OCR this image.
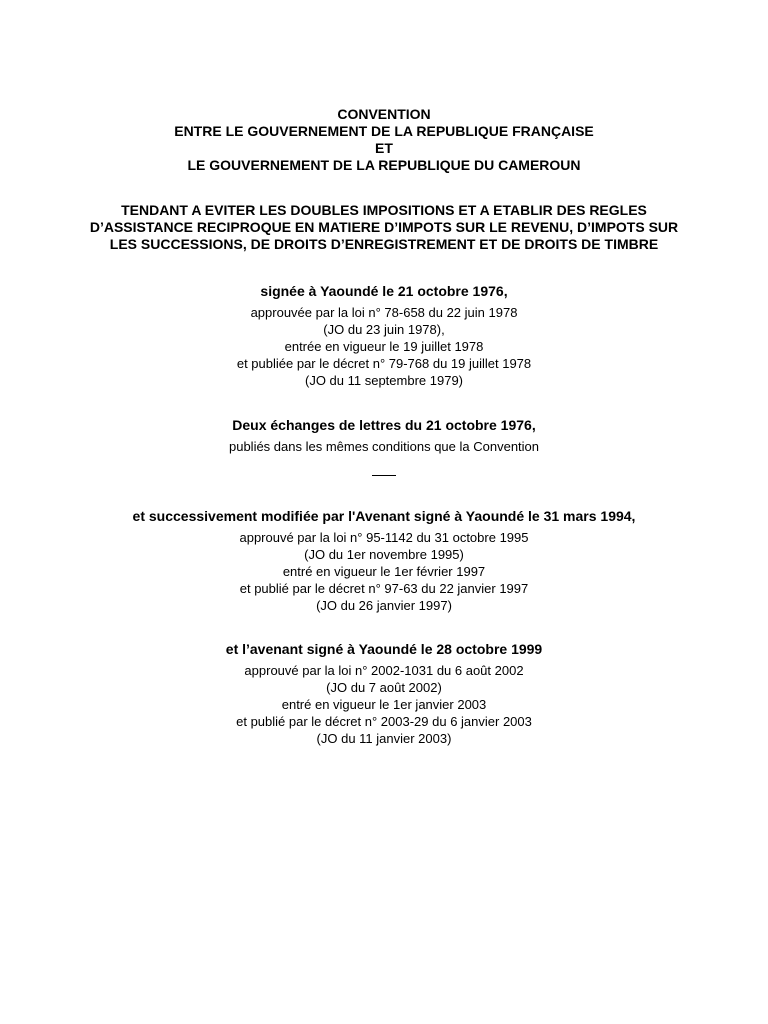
CONVENTION
ENTRE LE GOUVERNEMENT DE LA REPUBLIQUE FRANÇAISE
ET
LE GOUVERNEMENT DE LA REPUBLIQUE DU CAMEROUN
TENDANT A EVITER LES DOUBLES IMPOSITIONS ET A ETABLIR DES REGLES
D’ASSISTANCE RECIPROQUE EN MATIERE D’IMPOTS SUR LE REVENU, D’IMPOTS SUR
LES SUCCESSIONS, DE DROITS D’ENREGISTREMENT ET DE DROITS DE TIMBRE
signée à Yaoundé le 21 octobre 1976,
approuvée par la loi n° 78-658 du 22 juin 1978
(JO du 23 juin 1978),
entrée en vigueur le 19 juillet 1978
et publiée par le décret n° 79-768 du 19 juillet 1978
(JO du 11 septembre 1979)
Deux échanges de lettres du 21 octobre 1976,
publiés dans les mêmes conditions que la Convention
et successivement modifiée par l'Avenant signé à Yaoundé le 31 mars 1994,
approuvé par la loi n° 95-1142 du 31 octobre 1995
(JO du 1er novembre 1995)
entré en vigueur le 1er février 1997
et publié par le décret n° 97-63 du 22 janvier 1997
(JO du 26 janvier 1997)
et l’avenant signé à Yaoundé le 28 octobre 1999
approuvé par la loi n° 2002-1031 du 6 août 2002
(JO du 7 août 2002)
entré en vigueur le 1er janvier 2003
et publié par le décret n° 2003-29 du 6 janvier 2003
(JO du 11 janvier 2003)
